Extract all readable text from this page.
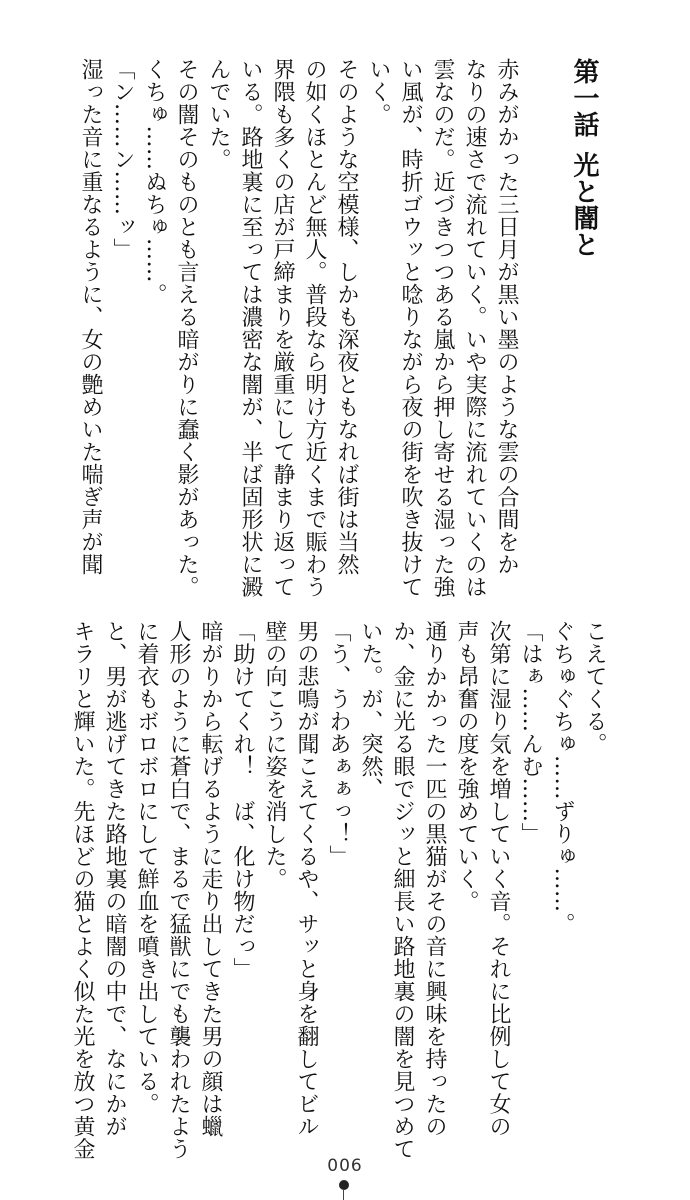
第一話光と闇と
赤みがかった三日月が黒い墨のような雲の合間をか
なりの速さで流れていく。いや実際に流れていくのは
雲なのだ。近づきつつある嵐から押し寄せる湿った強
い風が、時折ゴウッと唸りながら夜の街を吹き抜けて
いく。
そのような空模様、しかも深夜ともなれば街は当然
の如くほとんど無人。普段なら明け方近くまで賑わう
界隈も多くの店が戸締まりを厳重にして静まり返って
いる。路地裏に至っては濃密な闇が、半ば固形状に澱
んでいた。
その闇そのものとも言える暗がりに蠢く影があった。
くちゅ……ぬちゅ……。
「ン……ン……ッ」
湿った音に重なるように、女の艶めいた喘ぎ声が聞
こえてくる。
ぐちゅぐちゅ……ずりゅ……。
「はぁ……んむ……」
次第に湿り気を増していく音。それに比例して女の
声も昂奮の度を強めていく。
通りかかった一匹の黒猫がその音に興味を持ったの
か、金に光る眼でジッと細長い路地裏の闇を見つめて
いた。が、突然、
「う、うわあぁぁっ！」
男の悲鳴が聞こえてくるや、サッと身を翻してビル
壁の向こうに姿を消した。
「助けてくれ！　ば、化け物だっ」
暗がりから転げるように走り出してきた男の顔は蠟
人形のように蒼白で、まるで猛獣にでも襲われたよう
に着衣もボロボロにして鮮血を噴き出している。
と、男が逃げてきた路地裏の暗闇の中で、なにかが
キラリと輝いた。先ほどの猫とよく似た光を放つ黄金
006
